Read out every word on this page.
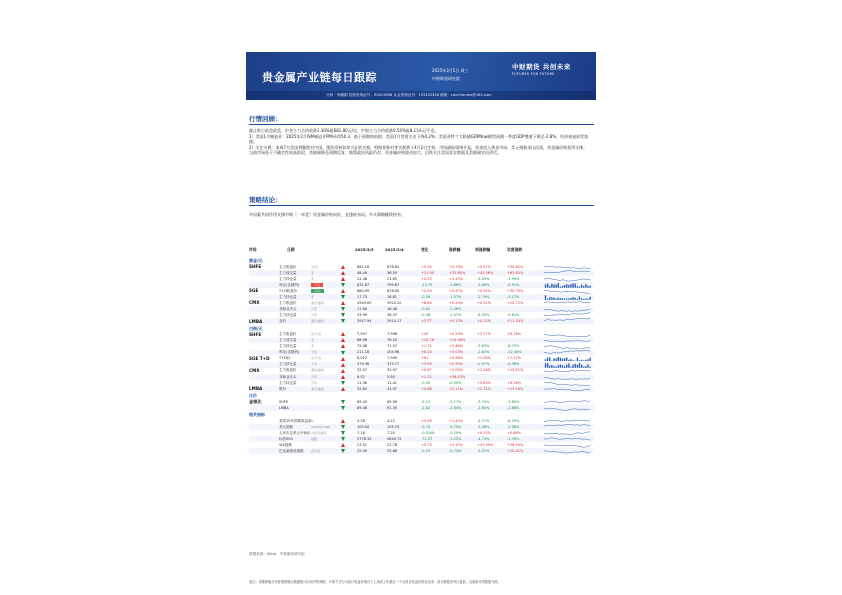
贵金属产业链每日跟踪
2025年3月5日 周三
中财期货研究院
中财期货 共创未来
FUTURES FOR FUTURE
分析：李鹏娟 投资咨询证号：Z0013898 从业资格证号：F03102358 邮箱：caicrfutures@163.com
行情回顾：
截止昨日收盘收盘，沪金主力合约收涨1.30%报681.80元/克，沪银主力合约收涨0.54%报8,114元/千克。
1）美国1月制造业：2025年2月ISM制造业PMI录得50.3，低于预期和前值；美国1月营建支出下降0.2%；美国亚特兰大联储GDPNow模型预测一季度GDP增速下调至-2.8%，经济衰退担忧加剧。
2）关注关税：本周7月美国将继续对中国、墨西哥和加拿大征收关税，特朗普称对等关税将于4月2日生效；市场避险情绪升温，资金流入黄金市场，美元指数承压回落，贵金属价格获得支撑。
当前市场处于不确定性较高阶段，美联储降息预期反复，地缘政治风险仍存，贵金属价格波动加大，后续关注美国非农数据及美联储官员讲话。
策略结论：
多因素共同作用支撑中期（一年度）贵金属价格向好，宜逢低布局，多头策略继续持有。
市场	日期	2025/3/5	2025/3/4	变化	涨跌幅	周涨跌幅	年度涨跌
黄金/元
SHFE	主力收盘价	元/克	682.16	676.82	+5.34	+0.79%	+0.57%	+30.62%
主力成交量	手	48.49	36.50	+11.99	+32.85%	+41.56%	+63.65%
主力持仓量	手	22.38	21.85	+0.53	+2.43%	-5.43%	-3.99%
库存(含期货)	千克	831.67	799.87	-13.75	-1.66%	-5.66%	-5.91%
SGE	T+D收盘价	元/克	680.99	678.50	+2.49	+0.37%	+0.35%	+30.75%
主力持仓量	手	17.73	18.81	-0.28	-1.57%	-2.79%	-5.17%
CMX	主力收盘价	美元/盎司	2929.00	2920.20	+8.80	+0.29%	+0.51%	+10.72%
非商业多头	万手	17.86	18.48	-0.62	-3.36%
主力持仓量	万手	33.99	36.37	-0.38	-1.07%	-8.29%	-5.61%
LMBA	金价	美元/盎司	2917.94	2914.17	+3.77	+0.13%	+0.12%	+11.34%
白银/元
SHFE	主力收盘价	元/千克	7,997	7,998	+49	+0.59%	+3.77%	+9.16%
主力成交量	手	86.96	76.20	+10.76	+14.06%
主力持仓量	手	72.08	71.37	+1.71	+2.46%	-3.63%	-8.75%
库存(含期货)	千克	211.18	204.96	+6.20	+3.03%	-2.83%	-12.40%
SGE T+D	T+D价	元/千克	8,012	7,949	+61	+0.96%	+1.09%	+7.17%
主力持仓量	千手	379.36	375.77	+3.59	+0.95%	-0.57%	-6.36%
CMX	主力收盘价	美元/盎司	32.57	32.97	+0.67	+2.05%	+2.26%	+13.61%
非商业多头	万手	6.52	5.80	+1.32	+26.43%
主力持仓量	万手	11.36	11.41	-0.05	-0.50%	+3.63%	+6.28%
LMBA	银价	美元/盎司	32.63	31.97	+0.66	+2.11%	+2.71%	+13.16%
比价
金银比	SHFE	-	85.43	85.56	-0.13	-0.17%	-3.33%	-3.60%
LMBA	-	89.48	91.30	-1.82	-2.04%	-2.64%	-1.66%
相关指标
美国10年国债收益率 %	4.28	4.22	+0.06	+1.42%	-4.71%	-8.09%
美元指数	1973年=100	105.00	105.74	-0.74	-0.70%	-3.36%	-2.38%
人民币兑美元中间价 人民币/美元	7.18	7.20	-0.0208	-0.29%	+0.33%	+0.66%
标普500	指数	5778.15	5849.72	-71.57	-1.22%	-4.74%	-1.76%
VIX指数	23.51	22.78	+0.73	+3.20%	+41.99%	+36.45%
巴克莱商品指数	百分点	25.49	25.68	-0.19	-0.74%	-3.31%	+10.42%
数据来源：Wind、中财期货研究院
备注：周涨跌幅与年度涨跌幅为数据统计区间内的涨跌，计算方式为当前日收盘价相对于上周或上年最后一个交易日收盘价的变化率；部分数据非每日更新，以最新可得数据为准。
